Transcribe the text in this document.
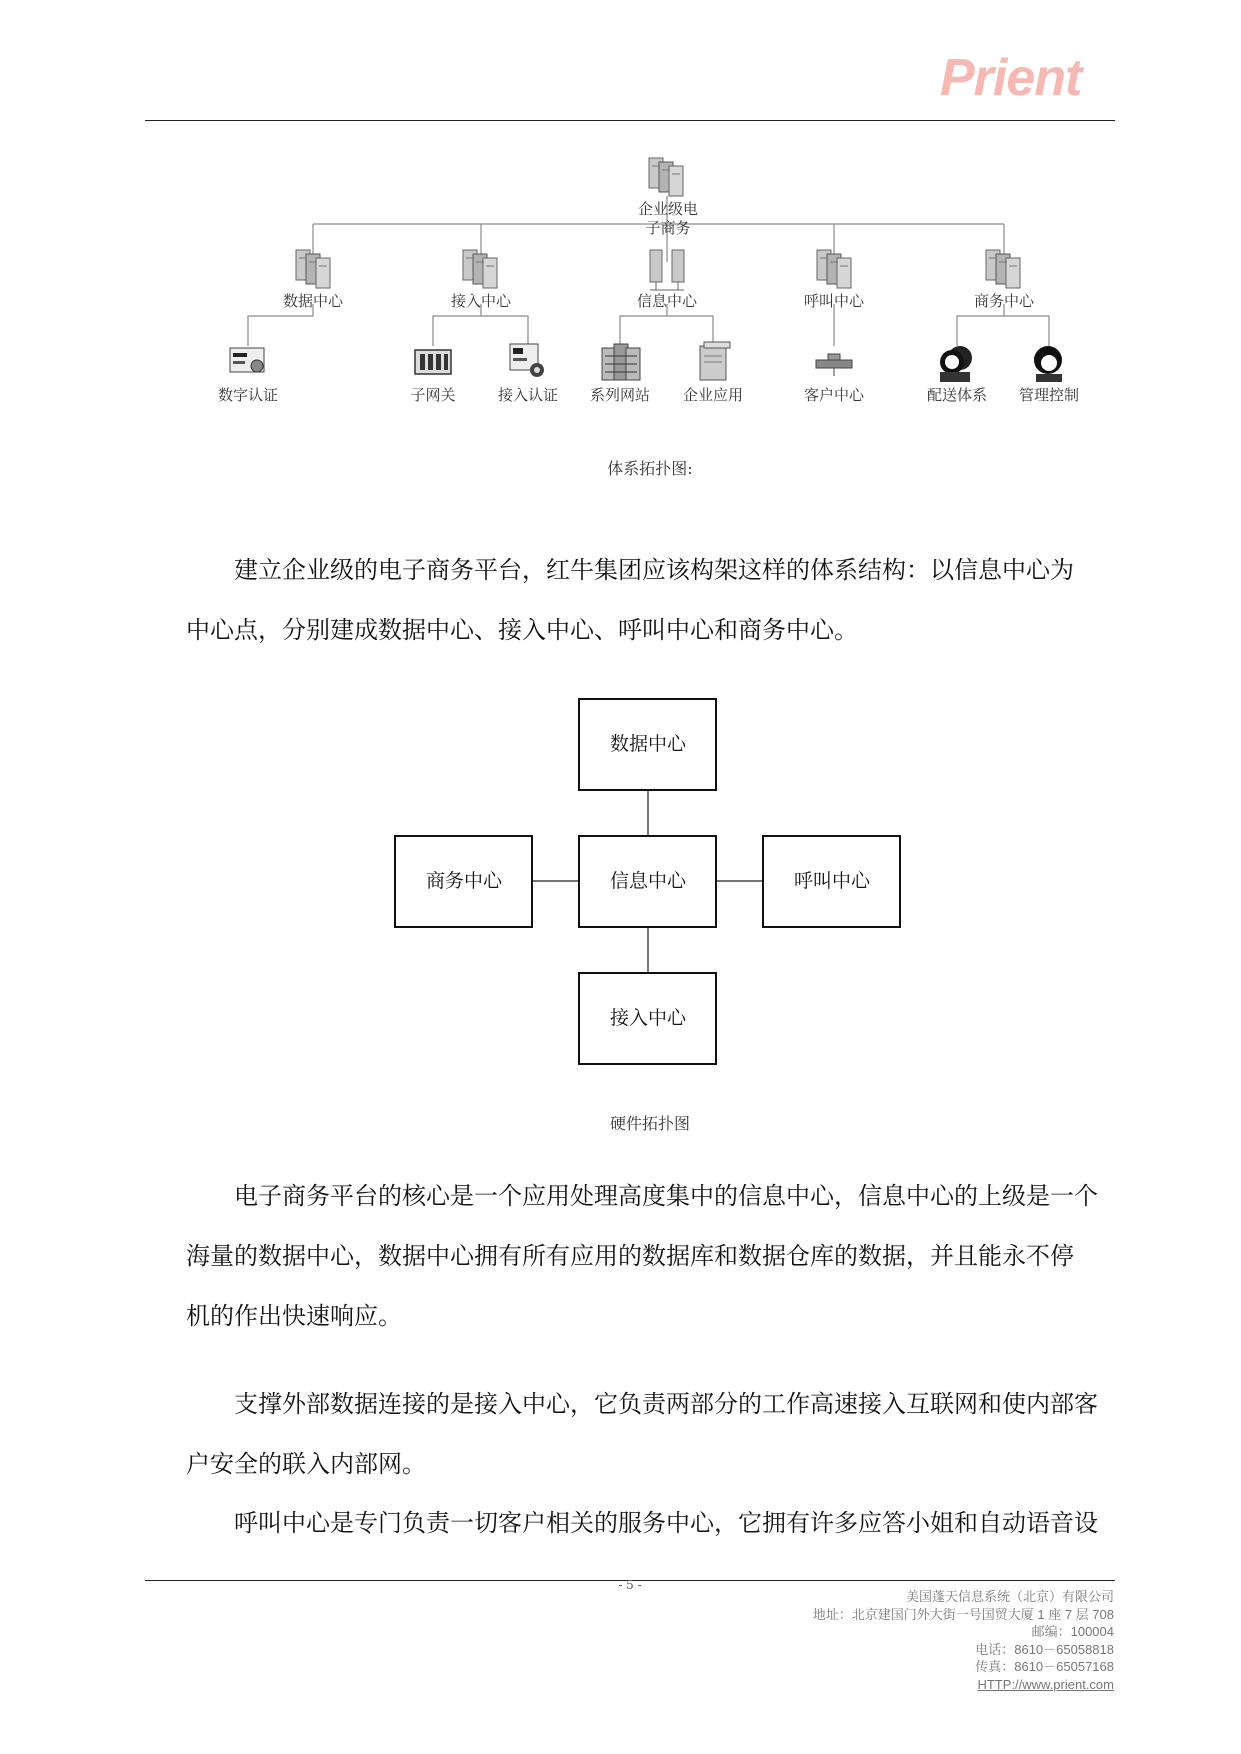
Prient
企业级电
子商务
数据中心	接入中心	信息中心	呼叫中心	商务中心
数字认证	子网关	接入认证 系列网站 企业应用	客户中心	配送体系 管理控制
体系拓扑图:

建立企业级的电子商务平台，红牛集团应该构架这样的体系结构：以信息中心为

中心点，分别建成数据中心、接入中心、呼叫中心和商务中心。

数据中心
商务中心	信息中心	呼叫中心
接入中心
硬件拓扑图

电子商务平台的核心是一个应用处理高度集中的信息中心，信息中心的上级是一个

海量的数据中心，数据中心拥有所有应用的数据库和数据仓库的数据，并且能永不停

机的作出快速响应。

支撑外部数据连接的是接入中心，它负责两部分的工作高速接入互联网和使内部客

户安全的联入内部网。

呼叫中心是专门负责一切客户相关的服务中心，它拥有许多应答小姐和自动语音设

- 5 -
美国蓬天信息系统（北京）有限公司
地址：北京建国门外大街一号国贸大厦 1 座 7 层 708
邮编：100004
电话：8610－65058818
传真：8610－65057168
HTTP://www.prient.com
